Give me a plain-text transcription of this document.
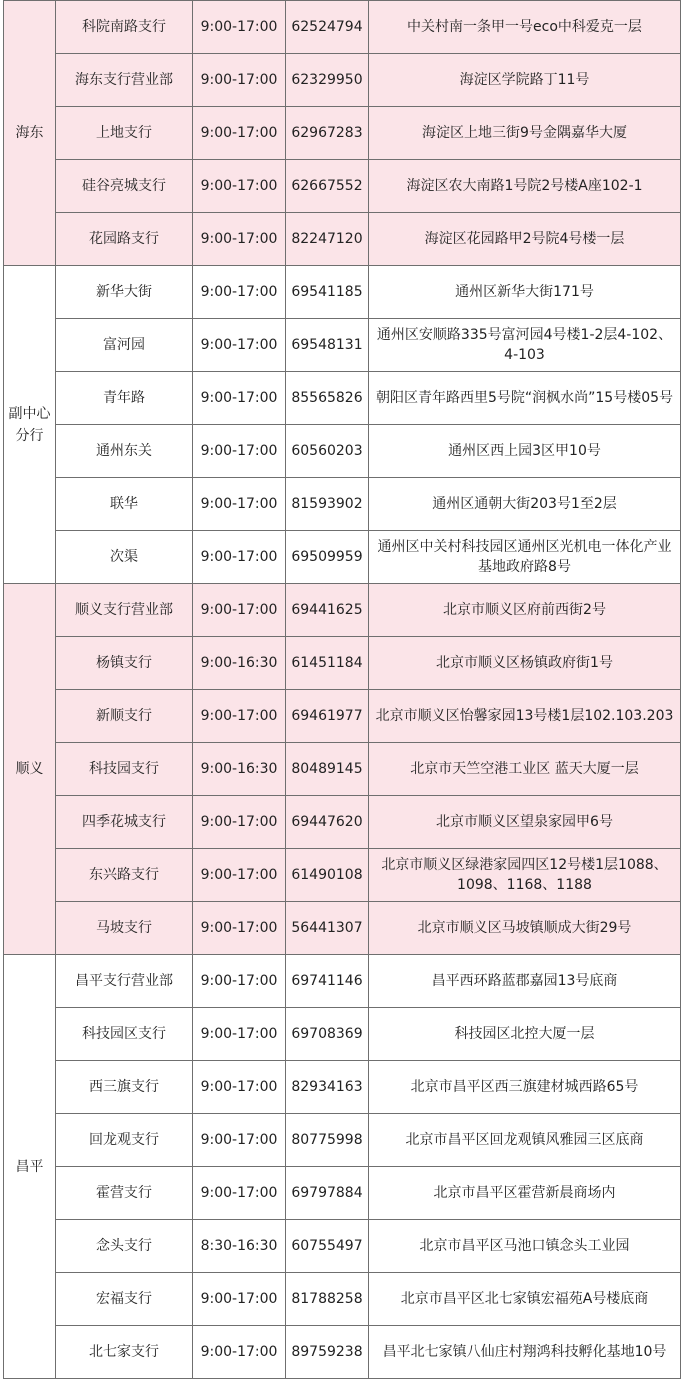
海东	科院南路支行	9:00-17:00	62524794	中关村南一条甲一号eco中科爱克一层
	海东支行营业部	9:00-17:00	62329950	海淀区学院路丁11号
	上地支行	9:00-17:00	62967283	海淀区上地三街9号金隅嘉华大厦
	硅谷亮城支行	9:00-17:00	62667552	海淀区农大南路1号院2号楼A座102-1
	花园路支行	9:00-17:00	82247120	海淀区花园路甲2号院4号楼一层
副中心分行	新华大街	9:00-17:00	69541185	通州区新华大街171号
	富河园	9:00-17:00	69548131	通州区安顺路335号富河园4号楼1-2层4-102、4-103
	青年路	9:00-17:00	85565826	朝阳区青年路西里5号院“润枫水尚”15号楼05号
	通州东关	9:00-17:00	60560203	通州区西上园3区甲10号
	联华	9:00-17:00	81593902	通州区通朝大街203号1至2层
	次渠	9:00-17:00	69509959	通州区中关村科技园区通州区光机电一体化产业基地政府路8号
顺义	顺义支行营业部	9:00-17:00	69441625	北京市顺义区府前西街2号
	杨镇支行	9:00-16:30	61451184	北京市顺义区杨镇政府街1号
	新顺支行	9:00-17:00	69461977	北京市顺义区怡馨家园13号楼1层102.103.203
	科技园支行	9:00-16:30	80489145	北京市天竺空港工业区 蓝天大厦一层
	四季花城支行	9:00-17:00	69447620	北京市顺义区望泉家园甲6号
	东兴路支行	9:00-17:00	61490108	北京市顺义区绿港家园四区12号楼1层1088、1098、1168、1188
	马坡支行	9:00-17:00	56441307	北京市顺义区马坡镇顺成大街29号
昌平	昌平支行营业部	9:00-17:00	69741146	昌平西环路蓝郡嘉园13号底商
	科技园区支行	9:00-17:00	69708369	科技园区北控大厦一层
	西三旗支行	9:00-17:00	82934163	北京市昌平区西三旗建材城西路65号
	回龙观支行	9:00-17:00	80775998	北京市昌平区回龙观镇风雅园三区底商
	霍营支行	9:00-17:00	69797884	北京市昌平区霍营新晨商场内
	念头支行	8:30-16:30	60755497	北京市昌平区马池口镇念头工业园
	宏福支行	9:00-17:00	81788258	北京市昌平区北七家镇宏福苑A号楼底商
	北七家支行	9:00-17:00	89759238	昌平北七家镇八仙庄村翔鸿科技孵化基地10号
